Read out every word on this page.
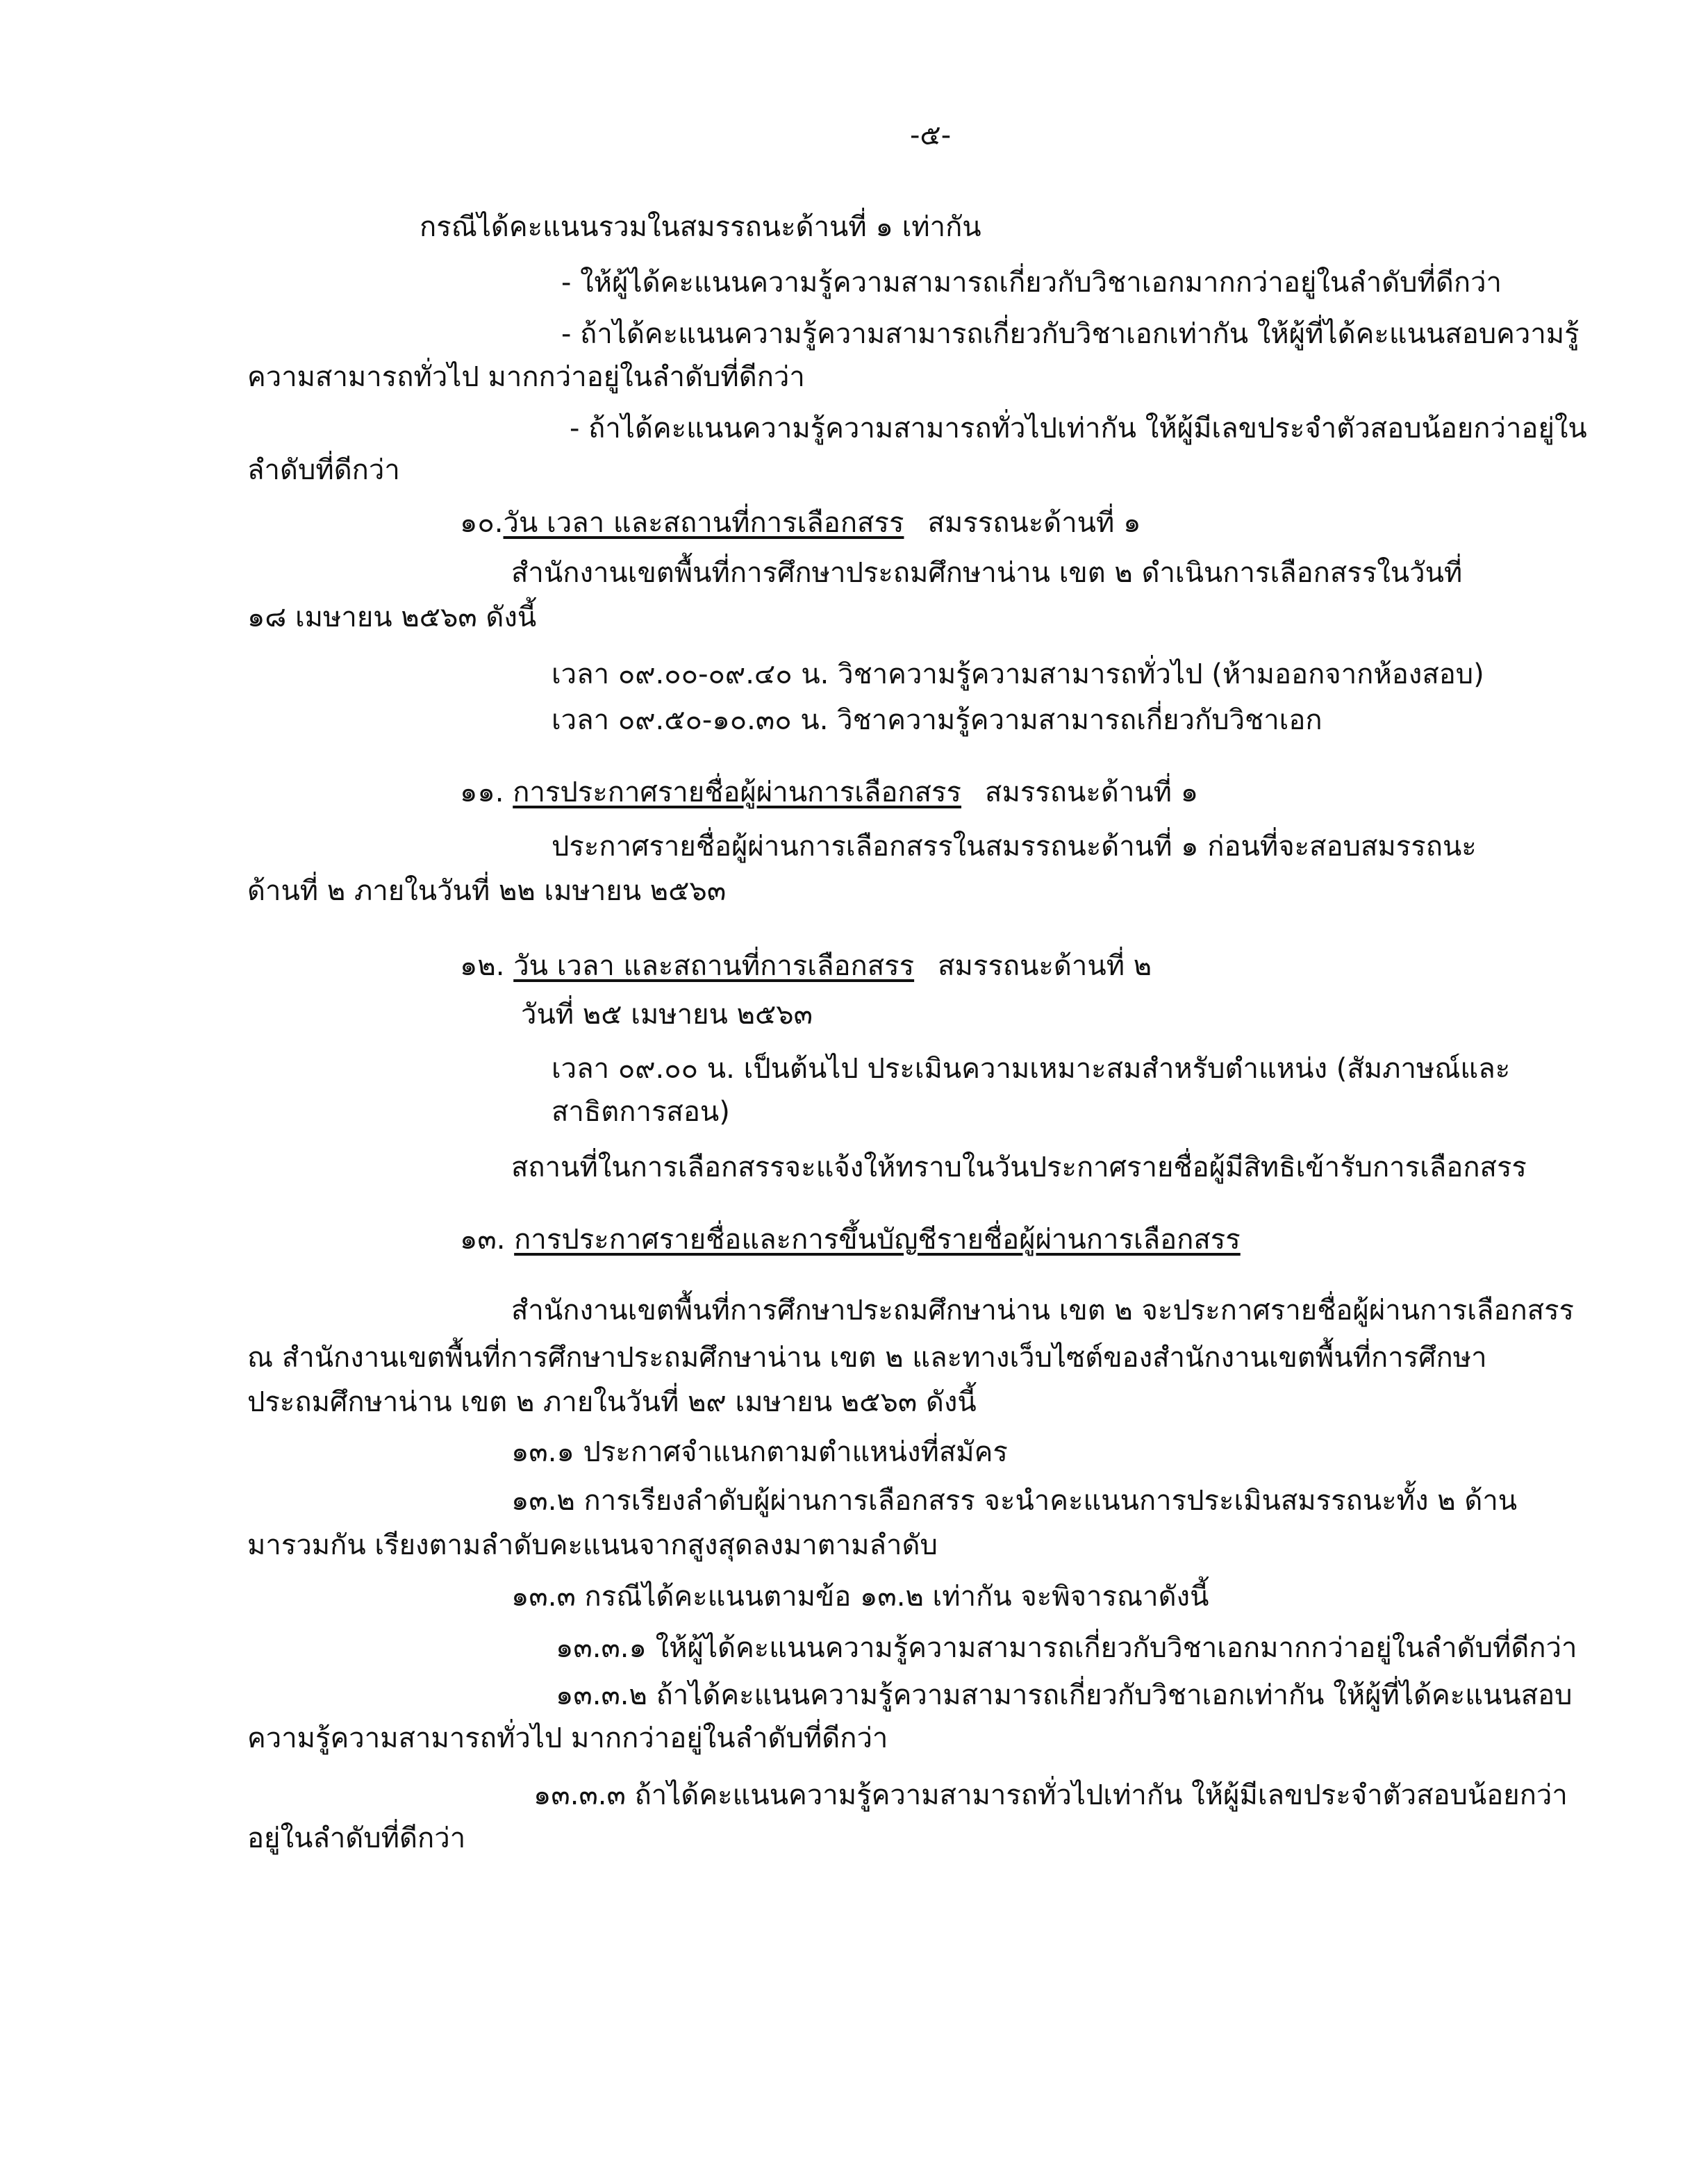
-๕-
กรณีได้คะแนนรวมในสมรรถนะด้านที่ ๑ เท่ากัน
- ให้ผู้ได้คะแนนความรู้ความสามารถเกี่ยวกับวิชาเอกมากกว่าอยู่ในลำดับที่ดีกว่า
- ถ้าได้คะแนนความรู้ความสามารถเกี่ยวกับวิชาเอกเท่ากัน ให้ผู้ที่ได้คะแนนสอบความรู้
ความสามารถทั่วไป มากกว่าอยู่ในลำดับที่ดีกว่า
- ถ้าได้คะแนนความรู้ความสามารถทั่วไปเท่ากัน ให้ผู้มีเลขประจำตัวสอบน้อยกว่าอยู่ใน
ลำดับที่ดีกว่า
๑๐.วัน เวลา และสถานที่การเลือกสรร สมรรถนะด้านที่ ๑
สำนักงานเขตพื้นที่การศึกษาประถมศึกษาน่าน เขต ๒ ดำเนินการเลือกสรรในวันที่
๑๘ เมษายน ๒๕๖๓ ดังนี้
เวลา ๐๙.๐๐-๐๙.๔๐ น. วิชาความรู้ความสามารถทั่วไป (ห้ามออกจากห้องสอบ)
เวลา ๐๙.๕๐-๑๐.๓๐ น. วิชาความรู้ความสามารถเกี่ยวกับวิชาเอก
๑๑. การประกาศรายชื่อผู้ผ่านการเลือกสรร สมรรถนะด้านที่ ๑
ประกาศรายชื่อผู้ผ่านการเลือกสรรในสมรรถนะด้านที่ ๑ ก่อนที่จะสอบสมรรถนะ
ด้านที่ ๒ ภายในวันที่ ๒๒ เมษายน ๒๕๖๓
๑๒. วัน เวลา และสถานที่การเลือกสรร สมรรถนะด้านที่ ๒
วันที่ ๒๕ เมษายน ๒๕๖๓
เวลา ๐๙.๐๐ น. เป็นต้นไป ประเมินความเหมาะสมสำหรับตำแหน่ง (สัมภาษณ์และ
สาธิตการสอน)
สถานที่ในการเลือกสรรจะแจ้งให้ทราบในวันประกาศรายชื่อผู้มีสิทธิเข้ารับการเลือกสรร
๑๓. การประกาศรายชื่อและการขึ้นบัญชีรายชื่อผู้ผ่านการเลือกสรร
สำนักงานเขตพื้นที่การศึกษาประถมศึกษาน่าน เขต ๒ จะประกาศรายชื่อผู้ผ่านการเลือกสรร
ณ สำนักงานเขตพื้นที่การศึกษาประถมศึกษาน่าน เขต ๒ และทางเว็บไซต์ของสำนักงานเขตพื้นที่การศึกษา
ประถมศึกษาน่าน เขต ๒ ภายในวันที่ ๒๙ เมษายน ๒๕๖๓ ดังนี้
๑๓.๑ ประกาศจำแนกตามตำแหน่งที่สมัคร
๑๓.๒ การเรียงลำดับผู้ผ่านการเลือกสรร จะนำคะแนนการประเมินสมรรถนะทั้ง ๒ ด้าน
มารวมกัน เรียงตามลำดับคะแนนจากสูงสุดลงมาตามลำดับ
๑๓.๓ กรณีได้คะแนนตามข้อ ๑๓.๒ เท่ากัน จะพิจารณาดังนี้
๑๓.๓.๑ ให้ผู้ได้คะแนนความรู้ความสามารถเกี่ยวกับวิชาเอกมากกว่าอยู่ในลำดับที่ดีกว่า
๑๓.๓.๒ ถ้าได้คะแนนความรู้ความสามารถเกี่ยวกับวิชาเอกเท่ากัน ให้ผู้ที่ได้คะแนนสอบ
ความรู้ความสามารถทั่วไป มากกว่าอยู่ในลำดับที่ดีกว่า
๑๓.๓.๓ ถ้าได้คะแนนความรู้ความสามารถทั่วไปเท่ากัน ให้ผู้มีเลขประจำตัวสอบน้อยกว่า
อยู่ในลำดับที่ดีกว่า
